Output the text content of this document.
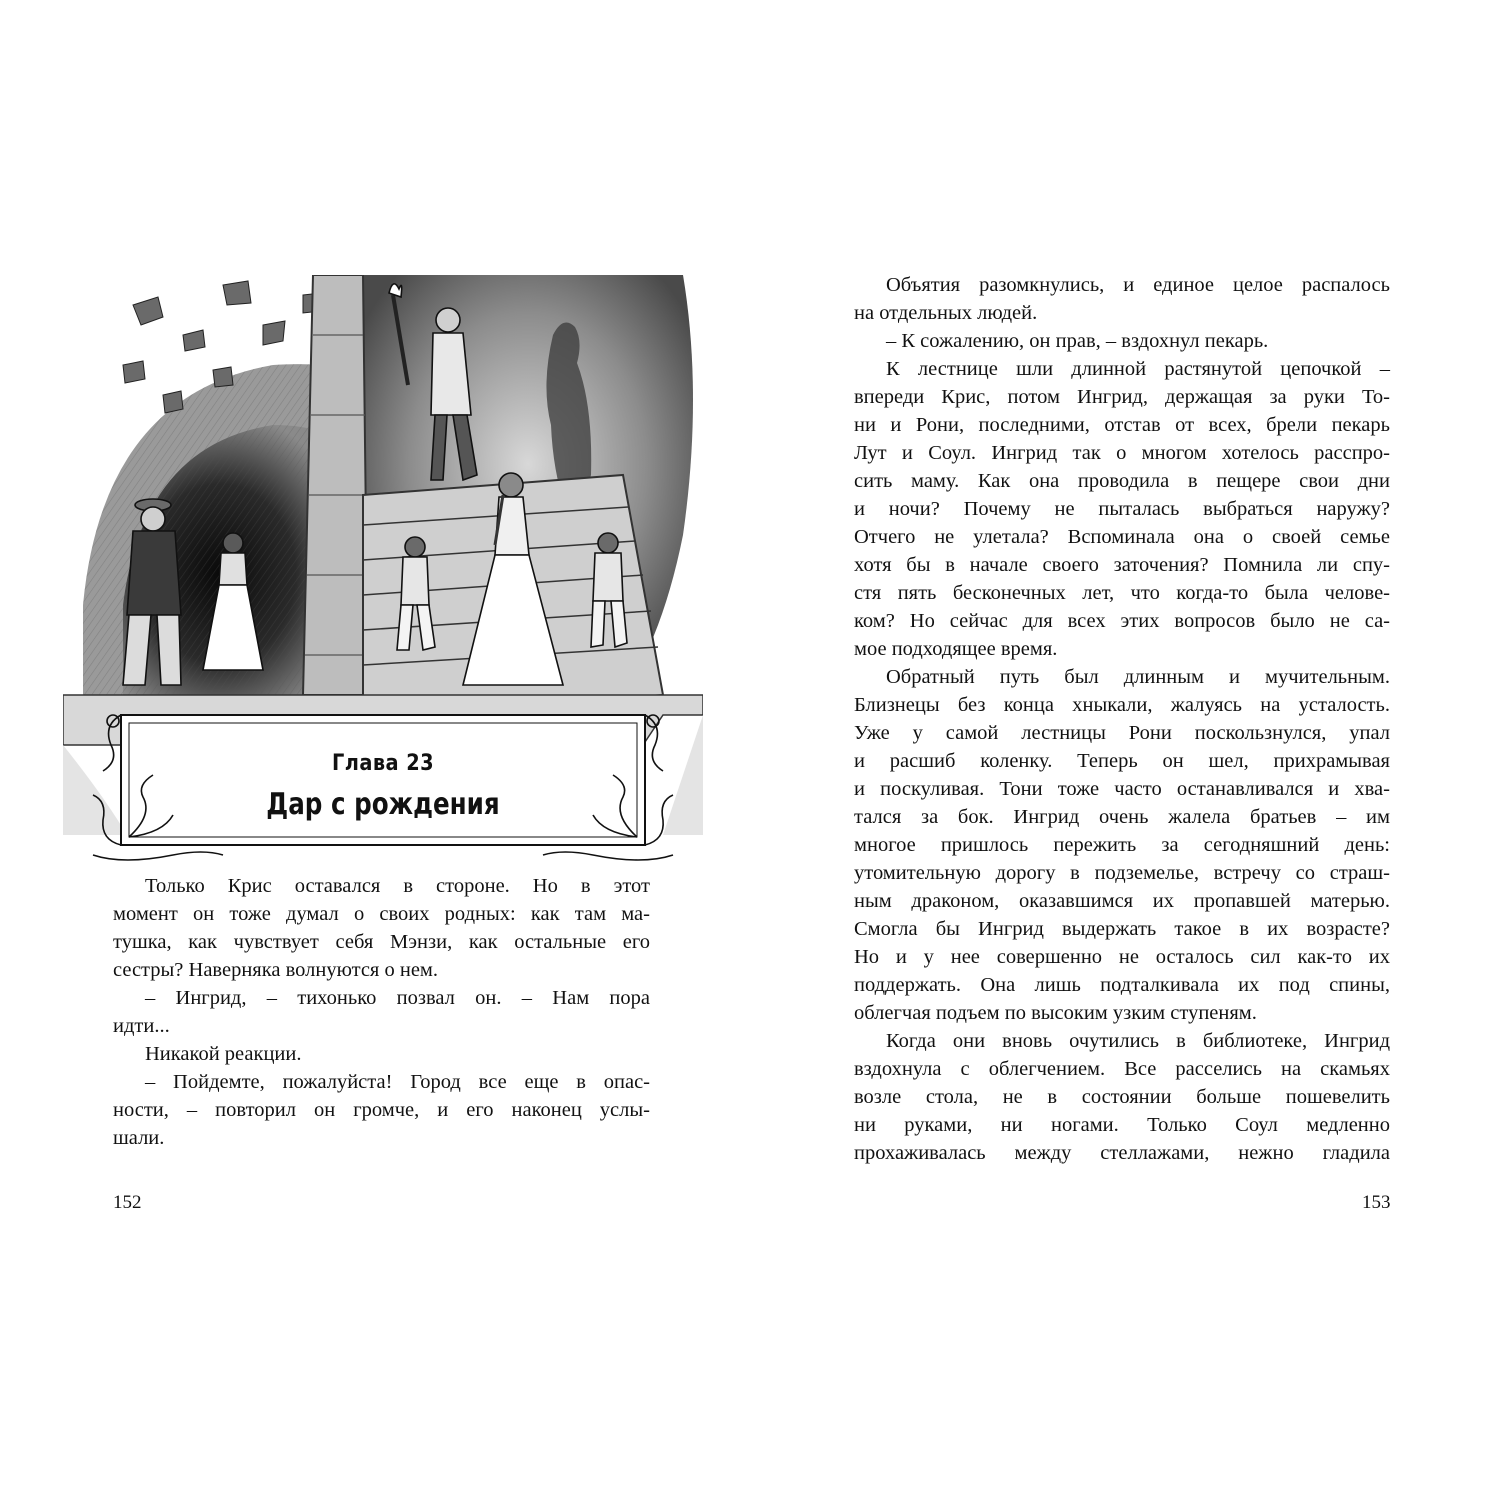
Глава 23
Дар с рождения
Только Крис оставался в стороне. Но в этот
момент он тоже думал о своих родных: как там ма-
тушка, как чувствует себя Мэнзи, как остальные его
сестры? Наверняка волнуются о нем.
– Ингрид, – тихонько позвал он. – Нам пора
идти...
Никакой реакции.
– Пойдемте, пожалуйста! Город все еще в опас-
ности, – повторил он громче, и его наконец услы-
шали.
152
Объятия разомкнулись, и единое целое распалось
на отдельных людей.
– К сожалению, он прав, – вздохнул пекарь.
К лестнице шли длинной растянутой цепочкой –
впереди Крис, потом Ингрид, держащая за руки То-
ни и Рони, последними, отстав от всех, брели пекарь
Лут и Соул. Ингрид так о многом хотелось расспро-
сить маму. Как она проводила в пещере свои дни
и ночи? Почему не пыталась выбраться наружу?
Отчего не улетала? Вспоминала она о своей семье
хотя бы в начале своего заточения? Помнила ли спу-
стя пять бесконечных лет, что когда-то была челове-
ком? Но сейчас для всех этих вопросов было не са-
мое подходящее время.
Обратный путь был длинным и мучительным.
Близнецы без конца хныкали, жалуясь на усталость.
Уже у самой лестницы Рони поскользнулся, упал
и расшиб коленку. Теперь он шел, прихрамывая
и поскуливая. Тони тоже часто останавливался и хва-
тался за бок. Ингрид очень жалела братьев – им
многое пришлось пережить за сегодняшний день:
утомительную дорогу в подземелье, встречу со страш-
ным драконом, оказавшимся их пропавшей матерью.
Смогла бы Ингрид выдержать такое в их возрасте?
Но и у нее совершенно не осталось сил как-то их
поддержать. Она лишь подталкивала их под спины,
облегчая подъем по высоким узким ступеням.
Когда они вновь очутились в библиотеке, Ингрид
вздохнула с облегчением. Все расселись на скамьях
возле стола, не в состоянии больше пошевелить
ни руками, ни ногами. Только Соул медленно
прохаживалась между стеллажами, нежно гладила
153
